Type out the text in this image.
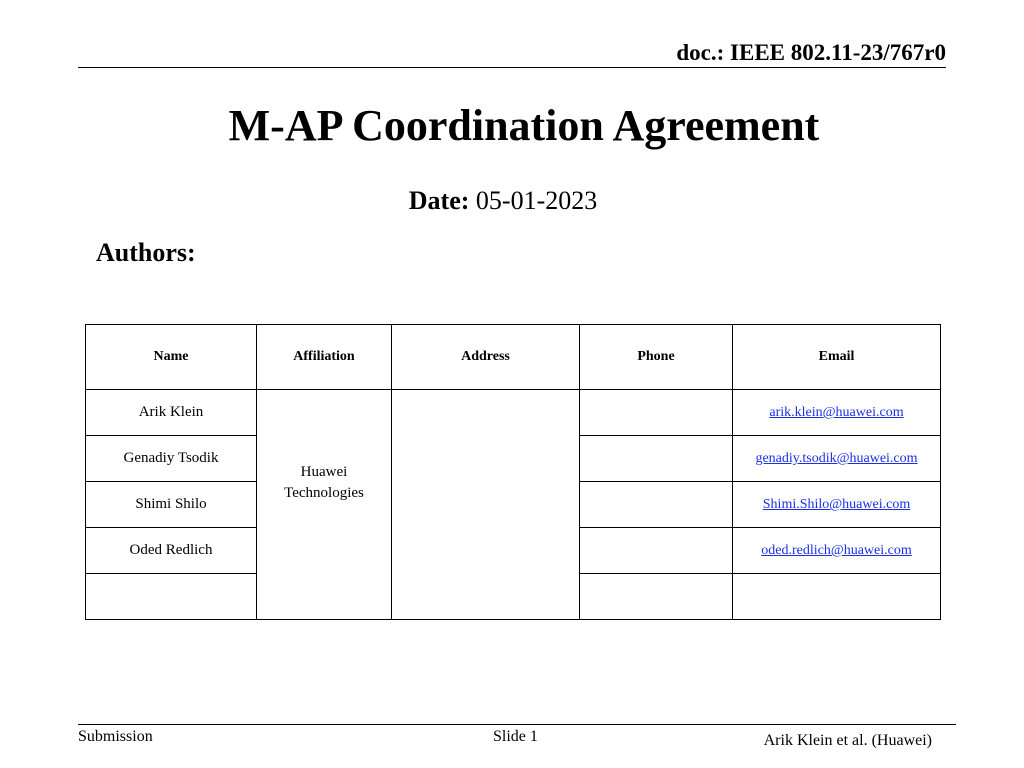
doc.: IEEE 802.11-23/767r0
M-AP Coordination Agreement
Date: 05-01-2023
Authors:
Name	Affiliation	Address	Phone	Email
Arik Klein	Huawei Technologies			arik.klein@huawei.com
Genadiy Tsodik				genadiy.tsodik@huawei.com
Shimi Shilo				Shimi.Shilo@huawei.com
Oded Redlich				oded.redlich@huawei.com

Submission	Slide 1	Arik Klein et al. (Huawei)
